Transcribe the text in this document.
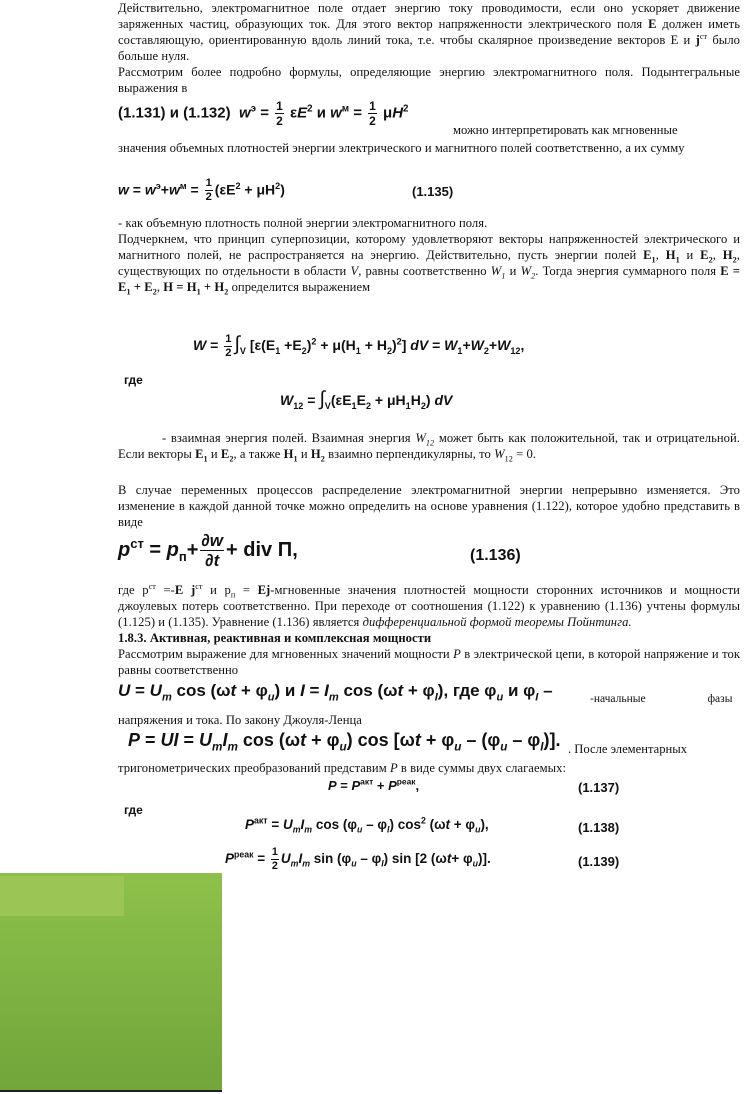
Действительно, электромагнитное поле отдает энергию току проводимости, если оно ускоряет движение заряженных частиц, образующих ток. Для этого вектор напряженности электрического поля E должен иметь составляющую, ориентированную вдоль линий тока, т.е. чтобы скалярное произведение векторов E и $j^{ст}$ было больше нуля.
Рассмотрим более подробно формулы, определяющие энергию электромагнитного поля. Подынтегральные выражения в
(1.131) и (1.132) $w^э = \frac{1}{2} \varepsilon E^2$ и $w^м = \frac{1}{2} \mu H^2$
можно интерпретировать как мгновенные
значения объемных плотностей энергии электрического и магнитного полей соответственно, а их сумму
$w = w^э+w^м = \frac{1}{2} (\varepsilon E^2 + \mu H^2)$	(1.135)
- как объемную плотность полной энергии электромагнитного поля.
Подчеркнем, что принцип суперпозиции, которому удовлетворяют векторы напряженностей электрического и магнитного полей, не распространяется на энергию. Действительно, пусть энергии полей $E_1$, $H_1$ и $E_2$, $H_2$, существующих по отдельности в области V, равны соответственно $W_1$ и $W_2$. Тогда энергия суммарного поля $E = E_1 + E_2$, $H = H_1 + H_2$ определится выражением
$W = \frac{1}{2} \int_V$ $[\varepsilon(E_1 +E_2)^2 + \mu(H_1 + H_2)^2]$ dV = $W_1+W_2+W_{12}$,
где
$W_{12} = \int_V(\varepsilon E_1E_2 + \mu H_1H_2)$ dV
- взаимная энергия полей. Взаимная энергия $W_{12}$ может быть как положительной, так и отрицательной. Если векторы $E_1$ и $E_2$, а также $H_1$ и $H_2$ взаимно перпендикулярны, то $W_{12} = 0$.
В случае переменных процессов распределение электромагнитной энергии непрерывно изменяется. Это изменение в каждой данной точке можно определить на основе уравнения (1.122), которое удобно представить в виде
$p^{ст} = p_п+ \frac{\partial w}{\partial t}$ + div Π,	(1.136)
где $p^{ст} =-E$ $j^{ст}$ и $p_п$ = Ej-мгновенные значения плотностей мощности сторонних источников и мощности джоулевых потерь соответственно. При переходе от соотношения (1.122) к уравнению (1.136) учтены формулы (1.125) и (1.135). Уравнение (1.136) является дифференциальной формой теоремы Пойнтинга.
1.8.3. Активная, реактивная и комплексная мощности
Рассмотрим выражение для мгновенных значений мощности P в электрической цепи, в которой напряжение и ток равны соответственно
$U = U_m$ $\cos (\omega t + \varphi_u)$ и $I = I_m$ $\cos (\omega t + \varphi_I)$, где $\varphi_u$ и $\varphi_I$ –	-начальные	фазы
напряжения и тока. По закону Джоуля-Ленца
P = UI = $U_mI_m$ $\cos (\omega t + \varphi_u)$ $\cos [\omega t + \varphi_u - (\varphi_u - \varphi_I)]$. . После элементарных
тригонометрических преобразований представим P в виде суммы двух слагаемых:
$P = P^{акт} + P^{реак}$,	(1.137)
где
$P^{акт} = U_mI_m$ $\cos (\varphi_u - \varphi_I)$ $\cos^2 (\omega t + \varphi_u)$,	(1.138)
$P^{реак} = \frac{1}{2} U_mI_m$ $\sin (\varphi_u - \varphi_I)$ sin [2 $(\omega t+ \varphi_u)$].	(1.139)
